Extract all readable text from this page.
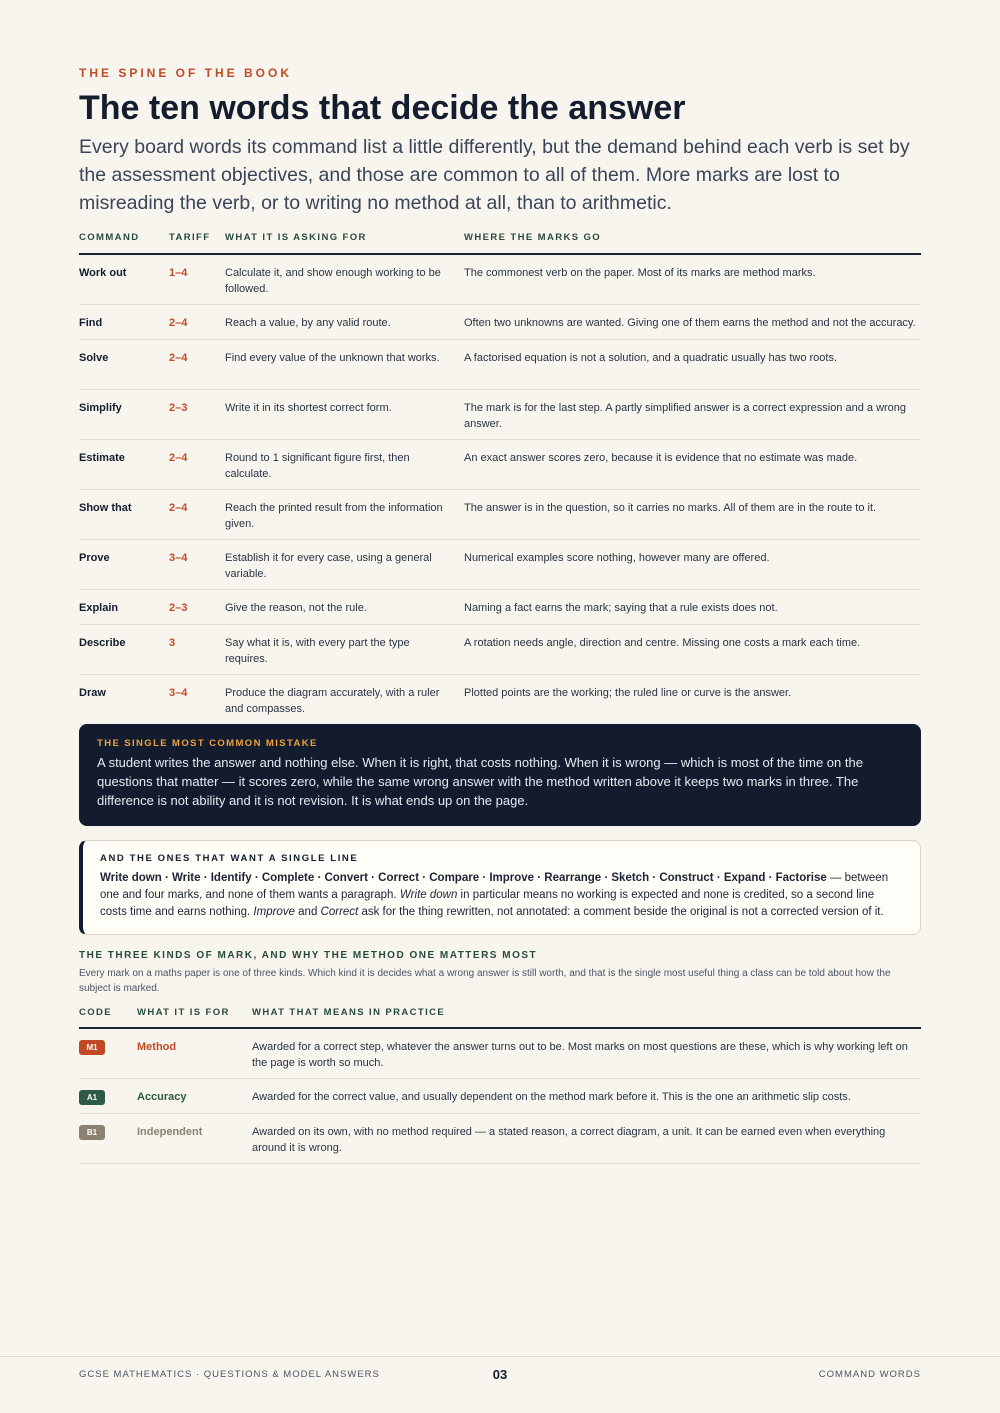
THE SPINE OF THE BOOK
The ten words that decide the answer

Every board words its command list a little differently, but the demand behind each verb is set by the assessment objectives, and those are common to all of them. More marks are lost to misreading the verb, or to writing no method at all, than to arithmetic.

COMMAND	TARIFF	WHAT IT IS ASKING FOR	WHERE THE MARKS GO
Work out	1–4	Calculate it, and show enough working to be followed.	The commonest verb on the paper. Most of its marks are method marks.
Find	2–4	Reach a value, by any valid route.	Often two unknowns are wanted. Giving one of them earns the method and not the accuracy.
Solve	2–4	Find every value of the unknown that works.	A factorised equation is not a solution, and a quadratic usually has two roots.
Simplify	2–3	Write it in its shortest correct form.	The mark is for the last step. A partly simplified answer is a correct expression and a wrong answer.
Estimate	2–4	Round to 1 significant figure first, then calculate.	An exact answer scores zero, because it is evidence that no estimate was made.
Show that	2–4	Reach the printed result from the information given.	The answer is in the question, so it carries no marks. All of them are in the route to it.
Prove	3–4	Establish it for every case, using a general variable.	Numerical examples score nothing, however many are offered.
Explain	2–3	Give the reason, not the rule.	Naming a fact earns the mark; saying that a rule exists does not.
Describe	3	Say what it is, with every part the type requires.	A rotation needs angle, direction and centre. Missing one costs a mark each time.
Draw	3–4	Produce the diagram accurately, with a ruler and compasses.	Plotted points are the working; the ruled line or curve is the answer.
THE SINGLE MOST COMMON MISTAKE
A student writes the answer and nothing else. When it is right, that costs nothing. When it is wrong — which is most of the time on the questions that matter — it scores zero, while the same wrong answer with the method written above it keeps two marks in three. The difference is not ability and it is not revision. It is what ends up on the page.
AND THE ONES THAT WANT A SINGLE LINE
Write down · Write · Identify · Complete · Convert · Correct · Compare · Improve · Rearrange · Sketch · Construct · Expand · Factorise — between one and four marks, and none of them wants a paragraph. Write down in particular means no working is expected and none is credited, so a second line costs time and earns nothing. Improve and Correct ask for the thing rewritten, not annotated: a comment beside the original is not a corrected version of it.
THE THREE KINDS OF MARK, AND WHY THE METHOD ONE MATTERS MOST
Every mark on a maths paper is one of three kinds. Which kind it is decides what a wrong answer is still worth, and that is the single most useful thing a class can be told about how the subject is marked.
CODE	WHAT IT IS FOR	WHAT THAT MEANS IN PRACTICE
M1	Method	Awarded for a correct step, whatever the answer turns out to be. Most marks on most questions are these, which is why working left on the page is worth so much.
A1	Accuracy	Awarded for the correct value, and usually dependent on the method mark before it. This is the one an arithmetic slip costs.
B1	Independent	Awarded on its own, with no method required — a stated reason, a correct diagram, a unit. It can be earned even when everything around it is wrong.
GCSE MATHEMATICS · QUESTIONS & MODEL ANSWERS	03	COMMAND WORDS
